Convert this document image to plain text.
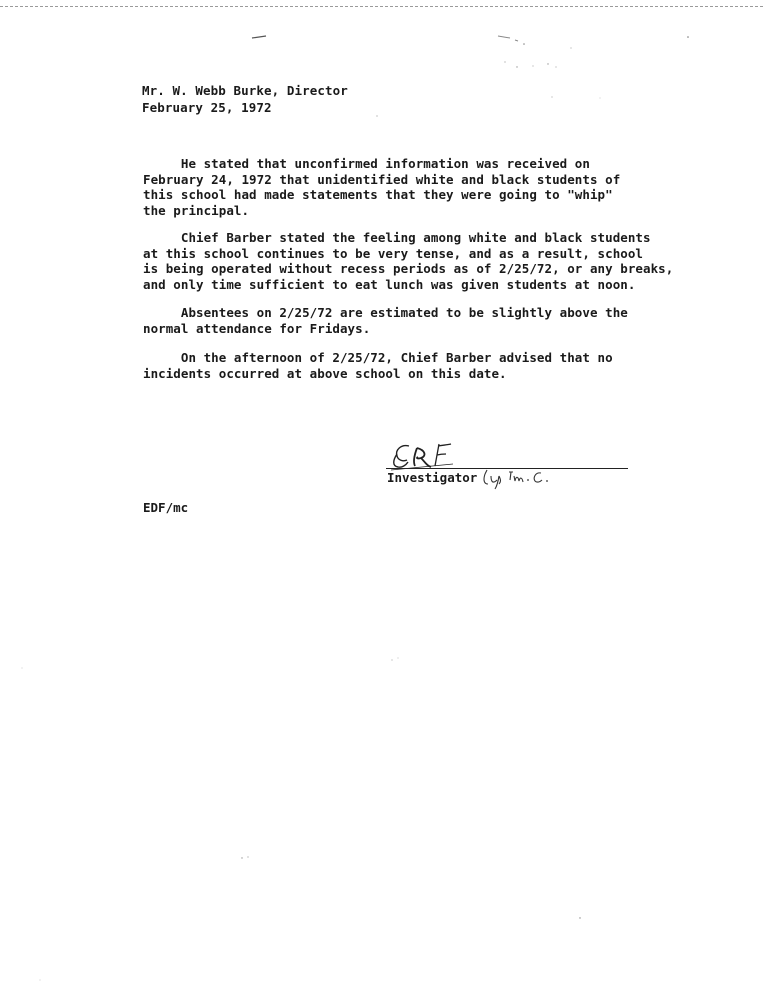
Mr. W. Webb Burke, Director
February 25, 1972
He stated that unconfirmed information was received on
February 24, 1972 that unidentified white and black students of
this school had made statements that they were going to "whip"
the principal.
Chief Barber stated the feeling among white and black students
at this school continues to be very tense, and as a result, school
is being operated without recess periods as of 2/25/72, or any breaks,
and only time sufficient to eat lunch was given students at noon.
Absentees on 2/25/72 are estimated to be slightly above the
normal attendance for Fridays.
On the afternoon of 2/25/72, Chief Barber advised that no
incidents occurred at above school on this date.
Investigator
EDF/mc
